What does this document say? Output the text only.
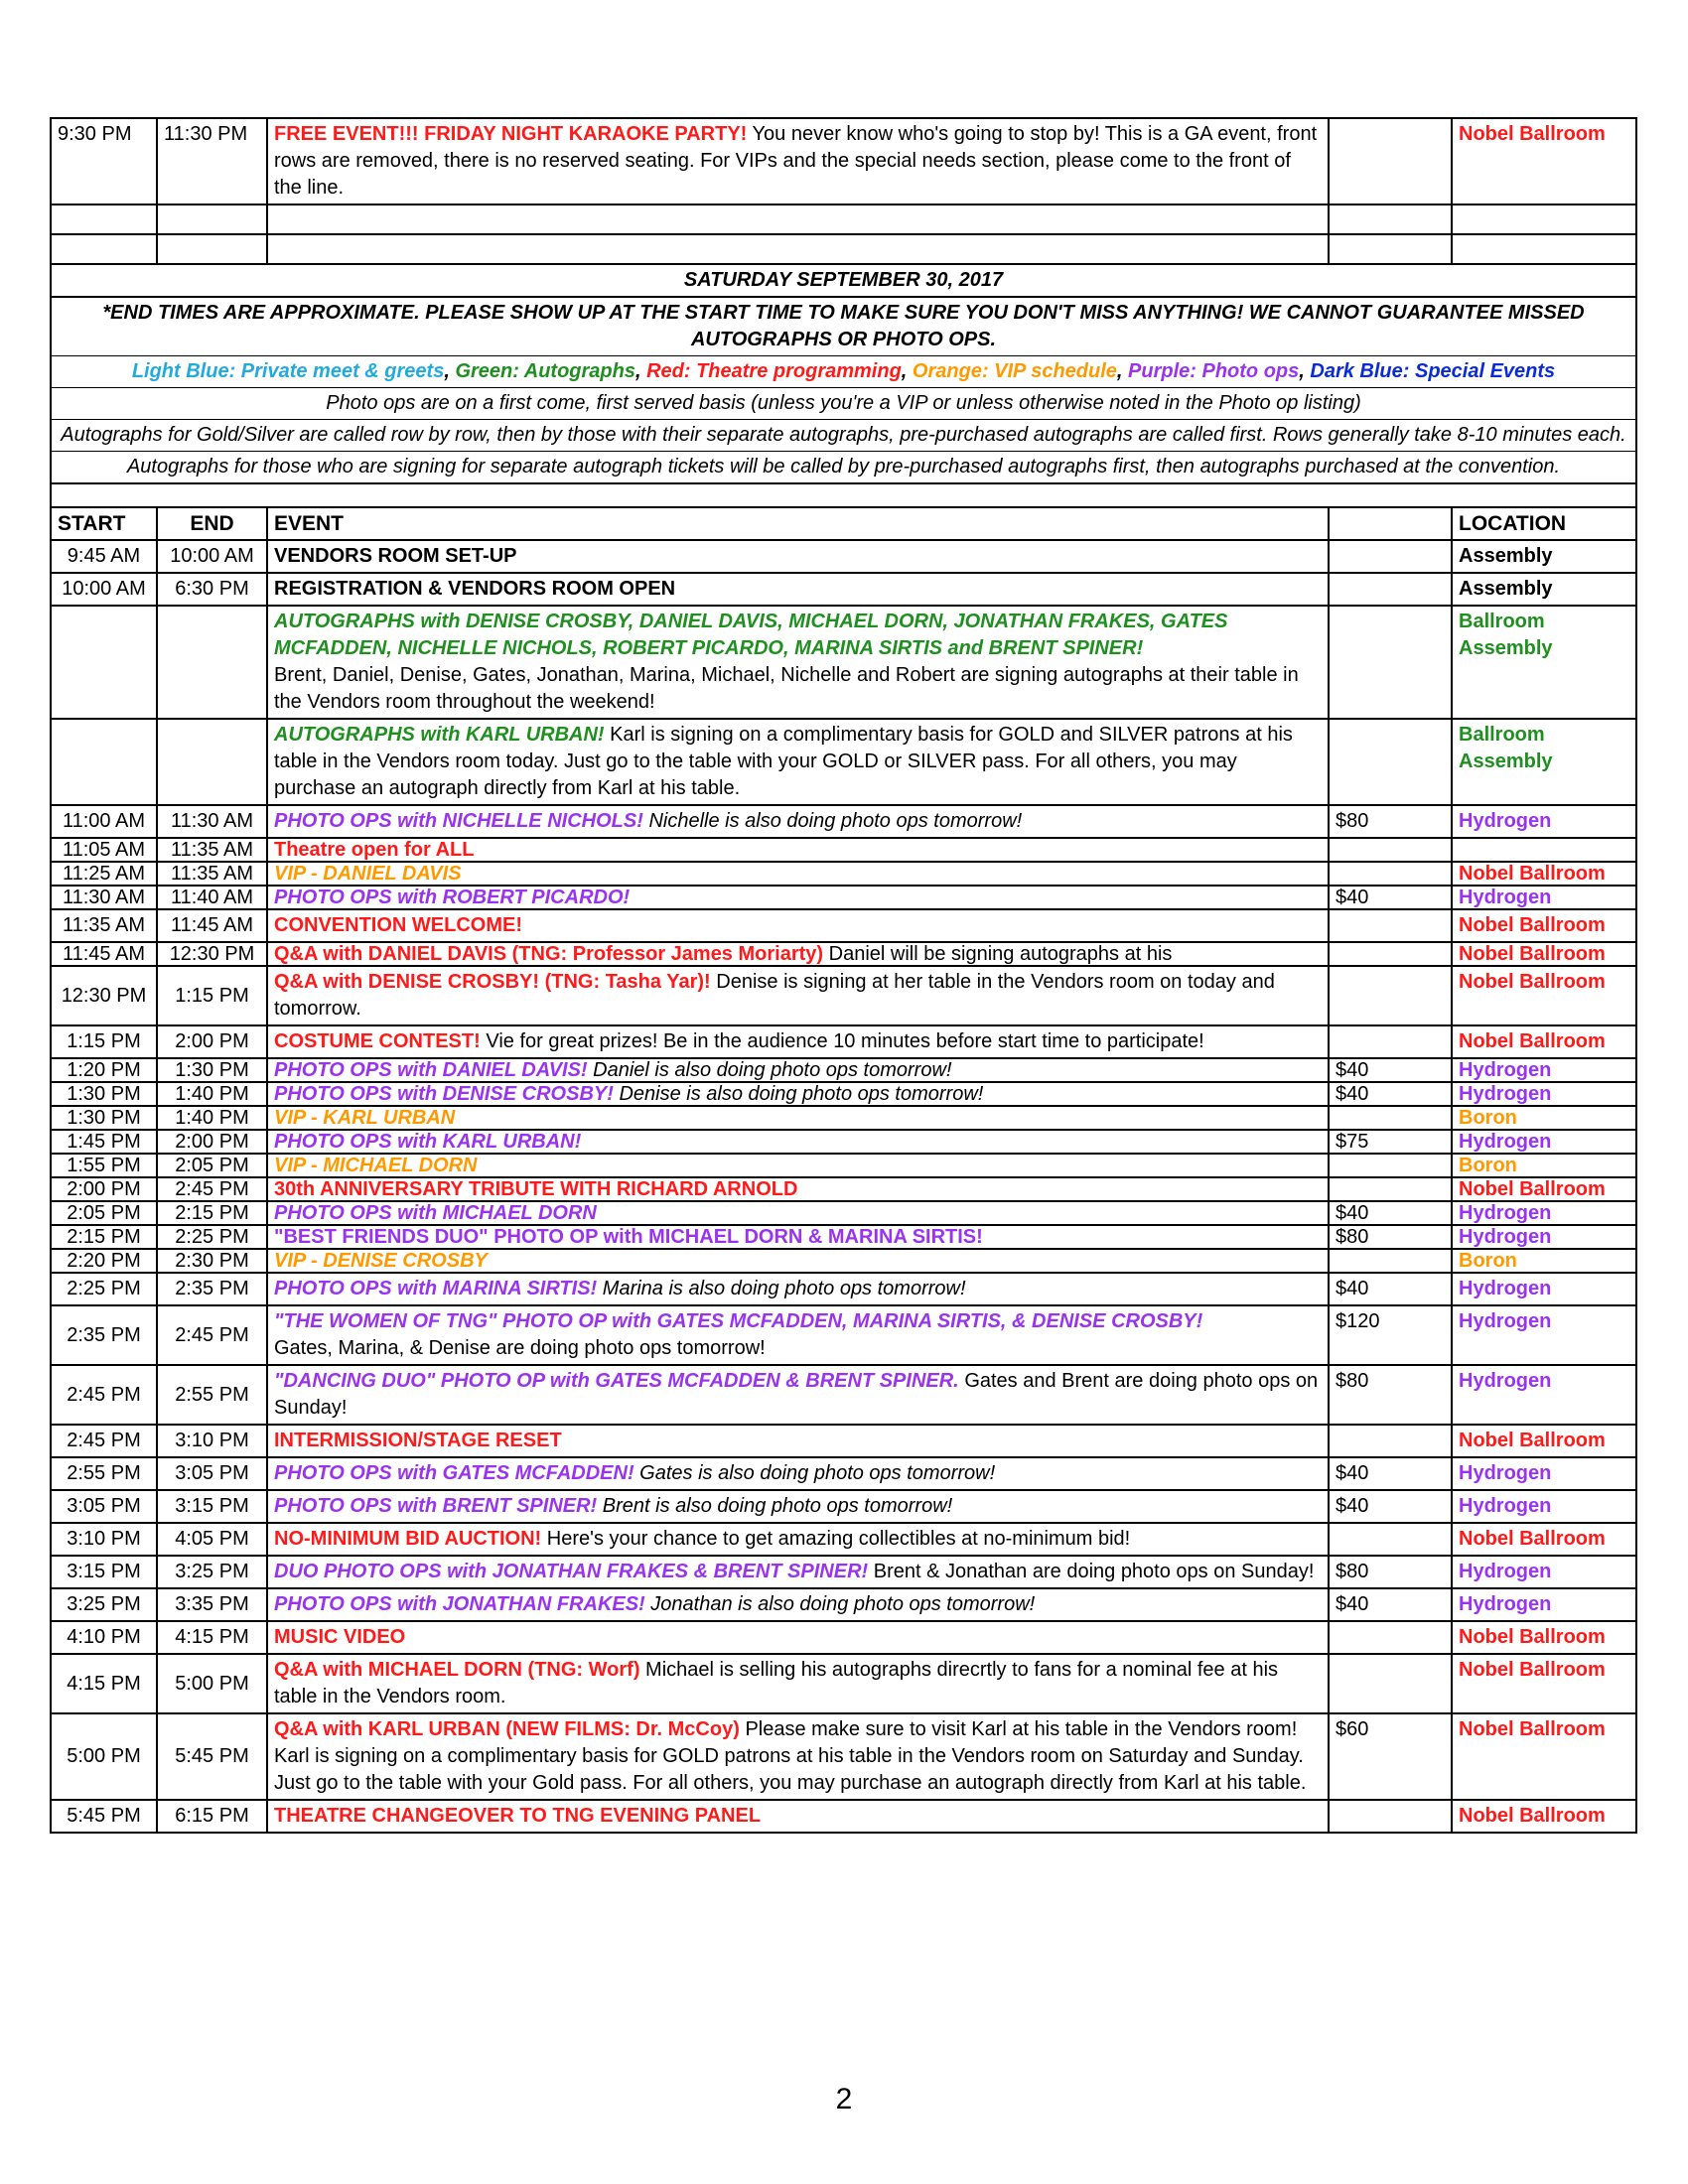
9:30 PM	11:30 PM	FREE EVENT!!! FRIDAY NIGHT KARAOKE PARTY! You never know who's going to stop by! This is a GA event, front rows are removed, there is no reserved seating. For VIPs and the special needs section, please come to the front of the line.		Nobel Ballroom

SATURDAY SEPTEMBER 30, 2017				
*END TIMES ARE APPROXIMATE. PLEASE SHOW UP AT THE START TIME TO MAKE SURE YOU DON'T MISS ANYTHING! WE CANNOT GUARANTEE MISSED AUTOGRAPHS OR PHOTO OPS.				
Light Blue: Private meet & greets, Green: Autographs, Red: Theatre programming, Orange: VIP schedule, Purple: Photo ops, Dark Blue: Special Events				
Photo ops are on a first come, first served basis (unless you're a VIP or unless otherwise noted in the Photo op listing)				
Autographs for Gold/Silver are called row by row, then by those with their separate autographs, pre-purchased autographs are called first. Rows generally take 8-10 minutes each.				
Autographs for those who are signing for separate autograph tickets will be called by pre-purchased autographs first, then autographs purchased at the convention.				

START	END	EVENT		LOCATION
9:45 AM	10:00 AM	VENDORS ROOM SET-UP		Assembly
10:00 AM	6:30 PM	REGISTRATION & VENDORS ROOM OPEN		Assembly
		AUTOGRAPHS with DENISE CROSBY, DANIEL DAVIS, MICHAEL DORN, JONATHAN FRAKES, GATES MCFADDEN, NICHELLE NICHOLS, ROBERT PICARDO, MARINA SIRTIS and BRENT SPINER!
Brent, Daniel, Denise, Gates, Jonathan, Marina, Michael, Nichelle and Robert are signing autographs at their table in the Vendors room throughout the weekend!		Ballroom
Assembly
		AUTOGRAPHS with KARL URBAN! Karl is signing on a complimentary basis for GOLD and SILVER patrons at his table in the Vendors room today. Just go to the table with your GOLD or SILVER pass. For all others, you may purchase an autograph directly from Karl at his table.		Ballroom
Assembly
11:00 AM	11:30 AM	PHOTO OPS with NICHELLE NICHOLS! Nichelle is also doing photo ops tomorrow!	$80	Hydrogen
11:05 AM	11:35 AM	Theatre open for ALL		
11:25 AM	11:35 AM	VIP - DANIEL DAVIS		Nobel Ballroom
11:30 AM	11:40 AM	PHOTO OPS with ROBERT PICARDO!	$40	Hydrogen
11:35 AM	11:45 AM	CONVENTION WELCOME!		Nobel Ballroom
11:45 AM	12:30 PM	Q&A with DANIEL DAVIS (TNG: Professor James Moriarty) Daniel will be signing autographs at his		Nobel Ballroom
12:30 PM	1:15 PM	Q&A with DENISE CROSBY! (TNG: Tasha Yar)! Denise is signing at her table in the Vendors room on today and tomorrow.		Nobel Ballroom
1:15 PM	2:00 PM	COSTUME CONTEST! Vie for great prizes! Be in the audience 10 minutes before start time to participate!		Nobel Ballroom
1:20 PM	1:30 PM	PHOTO OPS with DANIEL DAVIS! Daniel is also doing photo ops tomorrow!	$40	Hydrogen
1:30 PM	1:40 PM	PHOTO OPS with DENISE CROSBY! Denise is also doing photo ops tomorrow!	$40	Hydrogen
1:30 PM	1:40 PM	VIP - KARL URBAN		Boron
1:45 PM	2:00 PM	PHOTO OPS with KARL URBAN!	$75	Hydrogen
1:55 PM	2:05 PM	VIP - MICHAEL DORN		Boron
2:00 PM	2:45 PM	30th ANNIVERSARY TRIBUTE WITH RICHARD ARNOLD		Nobel Ballroom
2:05 PM	2:15 PM	PHOTO OPS with MICHAEL DORN	$40	Hydrogen
2:15 PM	2:25 PM	"BEST FRIENDS DUO" PHOTO OP with MICHAEL DORN & MARINA SIRTIS!	$80	Hydrogen
2:20 PM	2:30 PM	VIP - DENISE CROSBY		Boron
2:25 PM	2:35 PM	PHOTO OPS with MARINA SIRTIS! Marina is also doing photo ops tomorrow!	$40	Hydrogen
2:35 PM	2:45 PM	"THE WOMEN OF TNG" PHOTO OP with GATES MCFADDEN, MARINA SIRTIS, & DENISE CROSBY!
Gates, Marina, & Denise are doing photo ops tomorrow!	$120	Hydrogen
2:45 PM	2:55 PM	"DANCING DUO" PHOTO OP with GATES MCFADDEN & BRENT SPINER. Gates and Brent are doing photo ops on Sunday!	$80	Hydrogen
2:45 PM	3:10 PM	INTERMISSION/STAGE RESET		Nobel Ballroom
2:55 PM	3:05 PM	PHOTO OPS with GATES MCFADDEN! Gates is also doing photo ops tomorrow!	$40	Hydrogen
3:05 PM	3:15 PM	PHOTO OPS with BRENT SPINER! Brent is also doing photo ops tomorrow!	$40	Hydrogen
3:10 PM	4:05 PM	NO-MINIMUM BID AUCTION! Here's your chance to get amazing collectibles at no-minimum bid!		Nobel Ballroom
3:15 PM	3:25 PM	DUO PHOTO OPS with JONATHAN FRAKES & BRENT SPINER! Brent & Jonathan are doing photo ops on Sunday!	$80	Hydrogen
3:25 PM	3:35 PM	PHOTO OPS with JONATHAN FRAKES! Jonathan is also doing photo ops tomorrow!	$40	Hydrogen
4:10 PM	4:15 PM	MUSIC VIDEO		Nobel Ballroom
4:15 PM	5:00 PM	Q&A with MICHAEL DORN (TNG: Worf) Michael is selling his autographs direcrtly to fans for a nominal fee at his table in the Vendors room.		Nobel Ballroom
5:00 PM	5:45 PM	Q&A with KARL URBAN (NEW FILMS: Dr. McCoy) Please make sure to visit Karl at his table in the Vendors room! Karl is signing on a complimentary basis for GOLD patrons at his table in the Vendors room on Saturday and Sunday. Just go to the table with your Gold pass. For all others, you may purchase an autograph directly from Karl at his table.	$60	Nobel Ballroom
5:45 PM	6:15 PM	THEATRE CHANGEOVER TO TNG EVENING PANEL		Nobel Ballroom
2
